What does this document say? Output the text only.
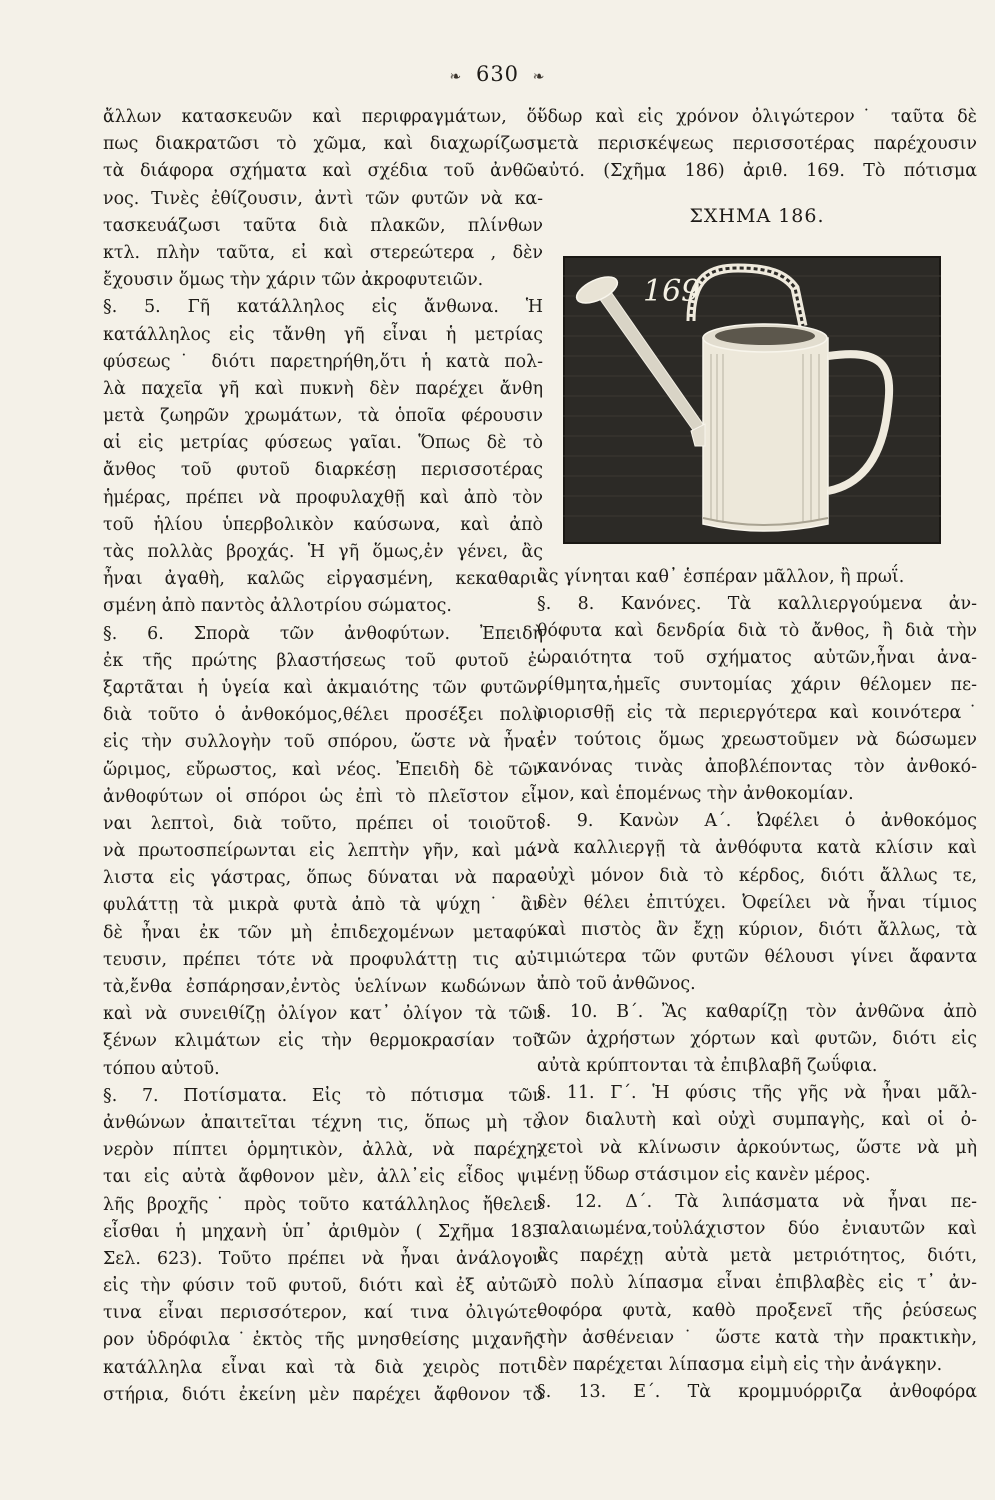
❧ 630 ❧
ἄλλων κατασκευῶν καὶ περιφραγμάτων, ὅ-
πως διακρατῶσι τὸ χῶμα, καὶ διαχωρίζωσι
τὰ διάφορα σχήματα καὶ σχέδια τοῦ ἀνθῶ-
νος. Τινὲς ἐθίζουσιν, ἀντὶ τῶν φυτῶν νὰ κα-
τασκευάζωσι ταῦτα διὰ πλακῶν, πλίνθων
κτλ. πλὴν ταῦτα, εἰ καὶ στερεώτερα , δὲν
ἔχουσιν ὅμως τὴν χάριν τῶν ἀκροφυτειῶν.
§. 5. Γῆ κατάλληλος εἰς ἄνθωνα. Ἡ
κατάλληλος εἰς τἄνθη γῆ εἶναι ἡ μετρίας
φύσεως˙ διότι παρετηρήθη,ὅτι ἡ κατὰ πολ-
λὰ παχεῖα γῆ καὶ πυκνὴ δὲν παρέχει ἄνθη
μετὰ ζωηρῶν χρωμάτων, τὰ ὁποῖα φέρουσιν
αἱ εἰς μετρίας φύσεως γαῖαι. Ὅπως δὲ τὸ
ἄνθος τοῦ φυτοῦ διαρκέσῃ περισσοτέρας
ἡμέρας, πρέπει νὰ προφυλαχθῇ καὶ ἀπὸ τὸν
τοῦ ἡλίου ὑπερβολικὸν καύσωνα, καὶ ἀπὸ
τὰς πολλὰς βροχάς. Ἡ γῆ ὅμως,ἐν γένει, ἂς
ἦναι ἀγαθὴ, καλῶς εἰργασμένη, κεκαθαρι-
σμένη ἀπὸ παντὸς ἀλλοτρίου σώματος.
§. 6. Σπορὰ τῶν ἀνθοφύτων. Ἐπειδὴ
ἐκ τῆς πρώτης βλαστήσεως τοῦ φυτοῦ ἐ-
ξαρτᾶται ἡ ὑγεία καὶ ἀκμαιότης τῶν φυτῶν,
διὰ τοῦτο ὁ ἀνθοκόμος,θέλει προσέξει πολὺ
εἰς τὴν συλλογὴν τοῦ σπόρου, ὥστε νὰ ἦναι
ὥριμος, εὔρωστος, καὶ νέος. Ἐπειδὴ δὲ τῶν
ἀνθοφύτων οἱ σπόροι ὡς ἐπὶ τὸ πλεῖστον εἶ-
ναι λεπτοὶ, διὰ τοῦτο, πρέπει οἱ τοιοῦτοι
νὰ πρωτοσπείρωνται εἰς λεπτὴν γῆν, καὶ μά-
λιστα εἰς γάστρας, ὅπως δύναται νὰ παρα-
φυλάττῃ τὰ μικρὰ φυτὰ ἀπὸ τὰ ψύχη˙ ἂν
δὲ ἦναι ἐκ τῶν μὴ ἐπιδεχομένων μεταφύ-
τευσιν, πρέπει τότε νὰ προφυλάττῃ τις αὐ-
τὰ,ἔνθα ἐσπάρησαν,ἐντὸς ὑελίνων κωδώνων˙
καὶ νὰ συνειθίζῃ ὀλίγον κατ᾽ ὀλίγον τὰ τῶν
ξένων κλιμάτων εἰς τὴν θερμοκρασίαν τοῦ
τόπου αὐτοῦ.
§. 7. Ποτίσματα. Εἰς τὸ πότισμα τῶν
ἀνθώνων ἀπαιτεῖται τέχνη τις, ὅπως μὴ τὸ
νερὸν πίπτει ὁρμητικὸν, ἀλλὰ, νὰ παρέχη-
ται εἰς αὐτὰ ἄφθονον μὲν, ἀλλ᾽εἰς εἶδος ψι-
λῆς βροχῆς˙ πρὸς τοῦτο κατάλληλος ἤθελεν
εἶσθαι ἡ μηχανὴ ὑπ᾽ ἀριθμὸν ( Σχῆμα 183
Σελ. 623). Τοῦτο πρέπει νὰ ἦναι ἀνάλογον
εἰς τὴν φύσιν τοῦ φυτοῦ, διότι καὶ ἐξ αὐτῶν
τινα εἶναι περισσότερον, καί τινα ὀλιγώτε-
ρον ὑδρόφιλα˙ἐκτὸς τῆς μνησθείσης μιχανῆς
κατάλληλα εἶναι καὶ τὰ διὰ χειρὸς ποτι-
στήρια, διότι ἐκείνη μὲν παρέχει ἄφθονον τὸ
ὕδωρ καὶ εἰς χρόνον ὀλιγώτερον˙ ταῦτα δὲ
μετὰ περισκέψεως περισσοτέρας παρέχουσιν
αὐτό. (Σχῆμα 186) ἀριθ. 169. Τὸ πότισμα
ΣΧΗΜΑ 186.
169
ἂς γίνηται καθ᾽ ἑσπέραν μᾶλλον, ἢ πρωΐ.
§. 8. Κανόνες. Τὰ καλλιεργούμενα ἀν-
θόφυτα καὶ δενδρία διὰ τὸ ἄνθος, ἢ διὰ τὴν
ὡραιότητα τοῦ σχήματος αὐτῶν,ἦναι ἀνα-
ρίθμητα,ἡμεῖς συντομίας χάριν θέλομεν πε-
ριορισθῇ εἰς τὰ περιεργότερα καὶ κοινότερα˙
ἐν τούτοις ὅμως χρεωστοῦμεν νὰ δώσωμεν
κανόνας τινὰς ἀποβλέποντας τὸν ἀνθοκό-
μον, καὶ ἑπομένως τὴν ἀνθοκομίαν.
§. 9. Κανὼν Α΄. Ὠφέλει ὁ ἀνθοκόμος
νὰ καλλιεργῇ τὰ ἀνθόφυτα κατὰ κλίσιν καὶ
οὐχὶ μόνον διὰ τὸ κέρδος, διότι ἄλλως τε,
δὲν θέλει ἐπιτύχει. Ὀφείλει νὰ ἦναι τίμιος
καὶ πιστὸς ἂν ἔχῃ κύριον, διότι ἄλλως, τὰ
τιμιώτερα τῶν φυτῶν θέλουσι γίνει ἄφαντα
ἀπὸ τοῦ ἀνθῶνος.
§. 10. Β΄. Ἂς καθαρίζῃ τὸν ἀνθῶνα ἀπὸ
τῶν ἀχρήστων χόρτων καὶ φυτῶν, διότι εἰς
αὐτὰ κρύπτονται τὰ ἐπιβλαβῆ ζωΰφια.
§. 11. Γ΄. Ἡ φύσις τῆς γῆς νὰ ἦναι μᾶλ-
λον διαλυτὴ καὶ οὐχὶ συμπαγὴς, καὶ οἱ ὀ-
χετοὶ νὰ κλίνωσιν ἀρκούντως, ὥστε νὰ μὴ
μένῃ ὕδωρ στάσιμον εἰς κανὲν μέρος.
§. 12. Δ΄. Τὰ λιπάσματα νὰ ἦναι πε-
παλαιωμένα,τοὐλάχιστον δύο ἐνιαυτῶν καὶ
ἂς παρέχῃ αὐτὰ μετὰ μετριότητος, διότι,
τὸ πολὺ λίπασμα εἶναι ἐπιβλαβὲς εἰς τ᾽ ἀν-
θοφόρα φυτὰ, καθὸ προξενεῖ τῆς ῥεύσεως
τὴν ἀσθένειαν˙ ὥστε κατὰ τὴν πρακτικὴν,
δὲν παρέχεται λίπασμα εἰμὴ εἰς τὴν ἀνάγκην.
§. 13. Ε΄. Τὰ κρομμυόρριζα ἀνθοφόρα
